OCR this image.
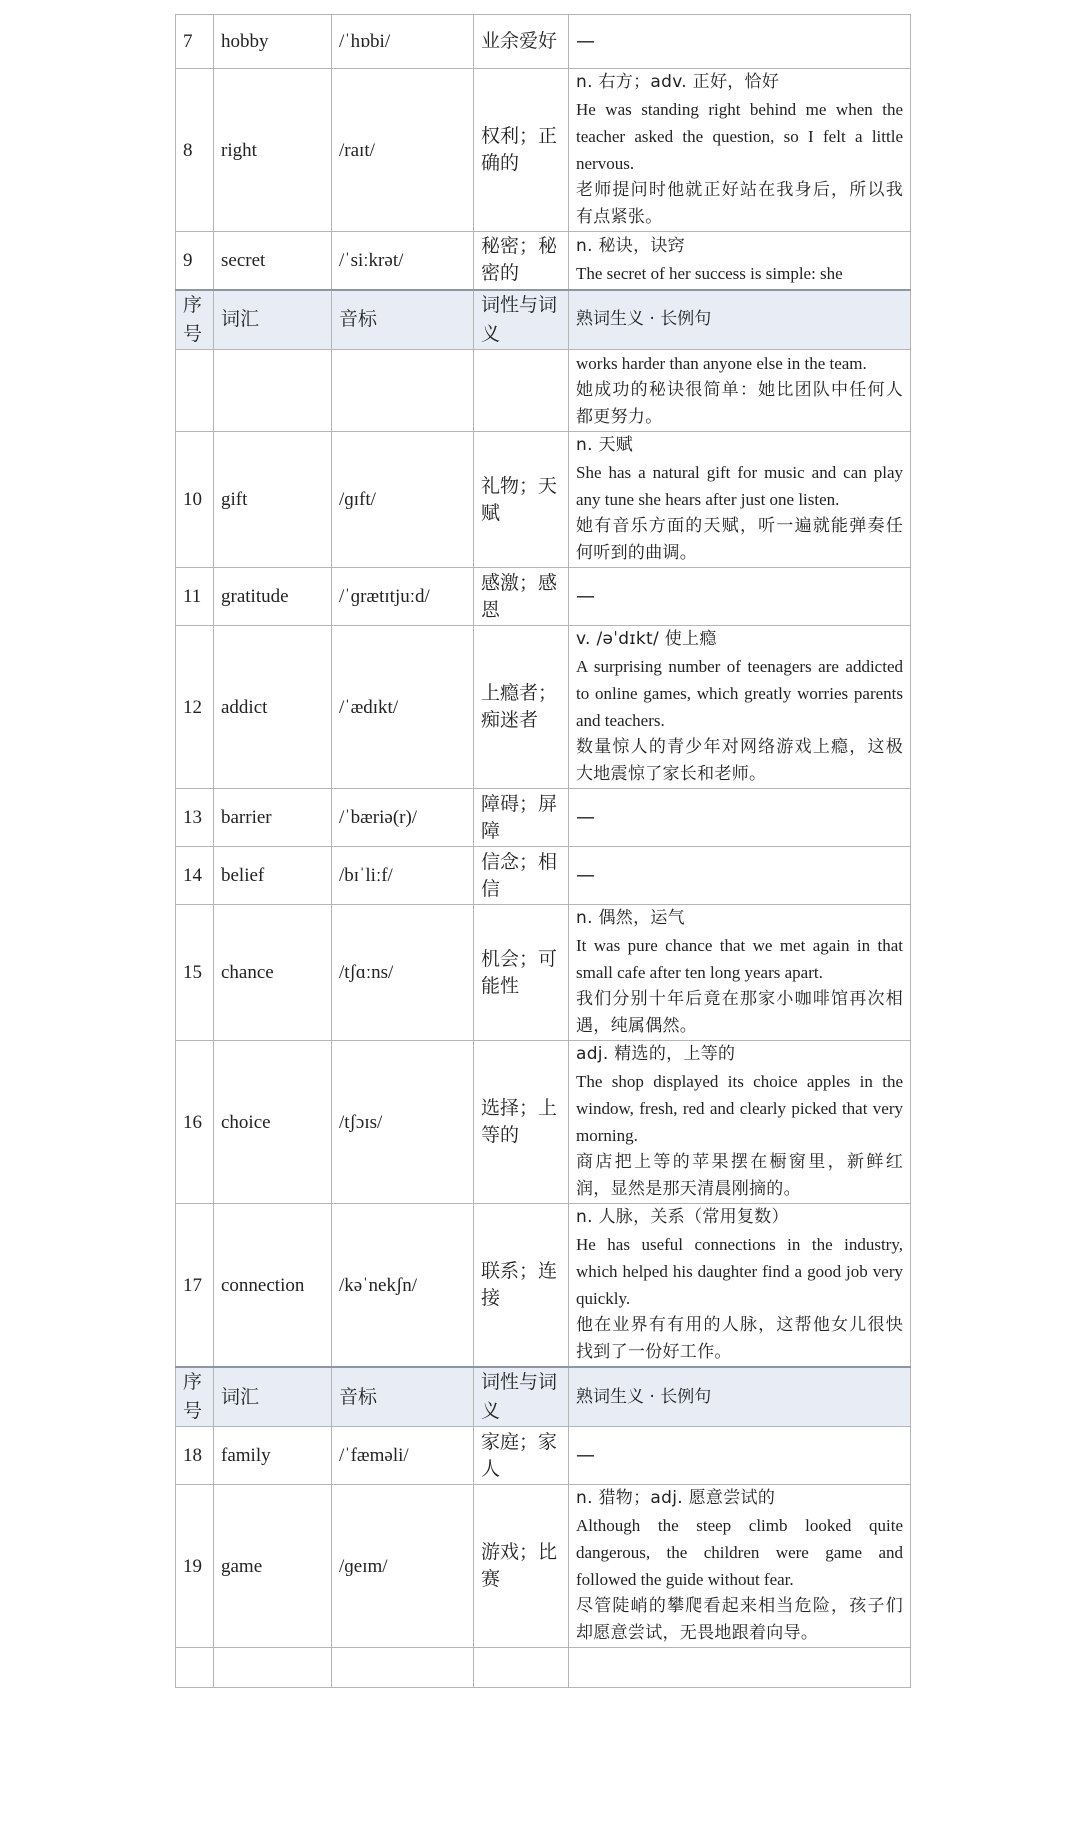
7	hobby	/ˈhɒbi/	业余爱好	—

8	right	/raɪt/	权利；正确的	n. 右方；adv. 正好，恰好
He was standing right behind me when the teacher asked the question, so I felt a little nervous.
老师提问时他就正好站在我身后，所以我有点紧张。

9	secret	/ˈsiːkrət/	秘密；秘密的	n. 秘诀，诀窍
The secret of her success is simple: she

序号	词汇	音标	词性与词义	熟词生义 · 长例句

				works harder than anyone else in the team.
她成功的秘诀很简单：她比团队中任何人都更努力。

10	gift	/ɡɪft/	礼物；天赋	n. 天赋
She has a natural gift for music and can play any tune she hears after just one listen.
她有音乐方面的天赋，听一遍就能弹奏任何听到的曲调。

11	gratitude	/ˈɡrætɪtjuːd/	感激；感恩	—

12	addict	/ˈædɪkt/	上瘾者；痴迷者	v. /əˈdɪkt/ 使上瘾
A surprising number of teenagers are addicted to online games, which greatly worries parents and teachers.
数量惊人的青少年对网络游戏上瘾，这极大地震惊了家长和老师。

13	barrier	/ˈbæriə(r)/	障碍；屏障	—

14	belief	/bɪˈliːf/	信念；相信	—

15	chance	/tʃɑːns/	机会；可能性	n. 偶然，运气
It was pure chance that we met again in that small cafe after ten long years apart.
我们分别十年后竟在那家小咖啡馆再次相遇，纯属偶然。

16	choice	/tʃɔɪs/	选择；上等的	adj. 精选的，上等的
The shop displayed its choice apples in the window, fresh, red and clearly picked that very morning.
商店把上等的苹果摆在橱窗里，新鲜红润，显然是那天清晨刚摘的。

17	connection	/kəˈnekʃn/	联系；连接	n. 人脉，关系（常用复数）
He has useful connections in the industry, which helped his daughter find a good job very quickly.
他在业界有有用的人脉，这帮他女儿很快找到了一份好工作。

序号	词汇	音标	词性与词义	熟词生义 · 长例句
18	family	/ˈfæməli/	家庭；家人	—

19	game	/ɡeɪm/	游戏；比赛	n. 猎物；adj. 愿意尝试的
Although the steep climb looked quite dangerous, the children were game and followed the guide without fear.
尽管陡峭的攀爬看起来相当危险，孩子们却愿意尝试，无畏地跟着向导。
